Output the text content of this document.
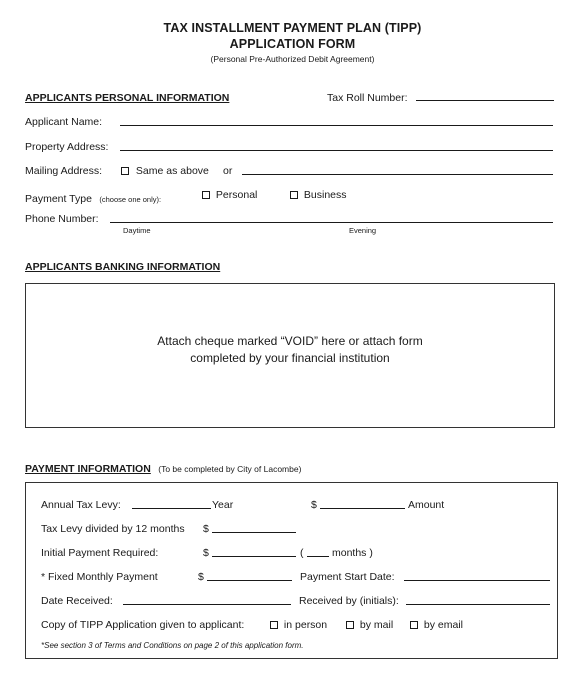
TAX INSTALLMENT PAYMENT PLAN (TIPP)
APPLICATION FORM
(Personal Pre-Authorized Debit Agreement)
APPLICANTS PERSONAL INFORMATION	Tax Roll Number:
Applicant Name:
Property Address:
Mailing Address:	Same as above or
Payment Type (choose one only):	Personal	Business
Phone Number:
Daytime	Evening
APPLICANTS BANKING INFORMATION
Attach cheque marked “VOID” here or attach form
completed by your financial institution
PAYMENT INFORMATION (To be completed by City of Lacombe)
Annual Tax Levy:	Year	$	Amount
Tax Levy divided by 12 months $
Initial Payment Required:	$	(	months )
* Fixed Monthly Payment	$	Payment Start Date:
Date Received:	Received by (initials):
Copy of TIPP Application given to applicant:	in person	by mail	by email
*See section 3 of Terms and Conditions on page 2 of this application form.
